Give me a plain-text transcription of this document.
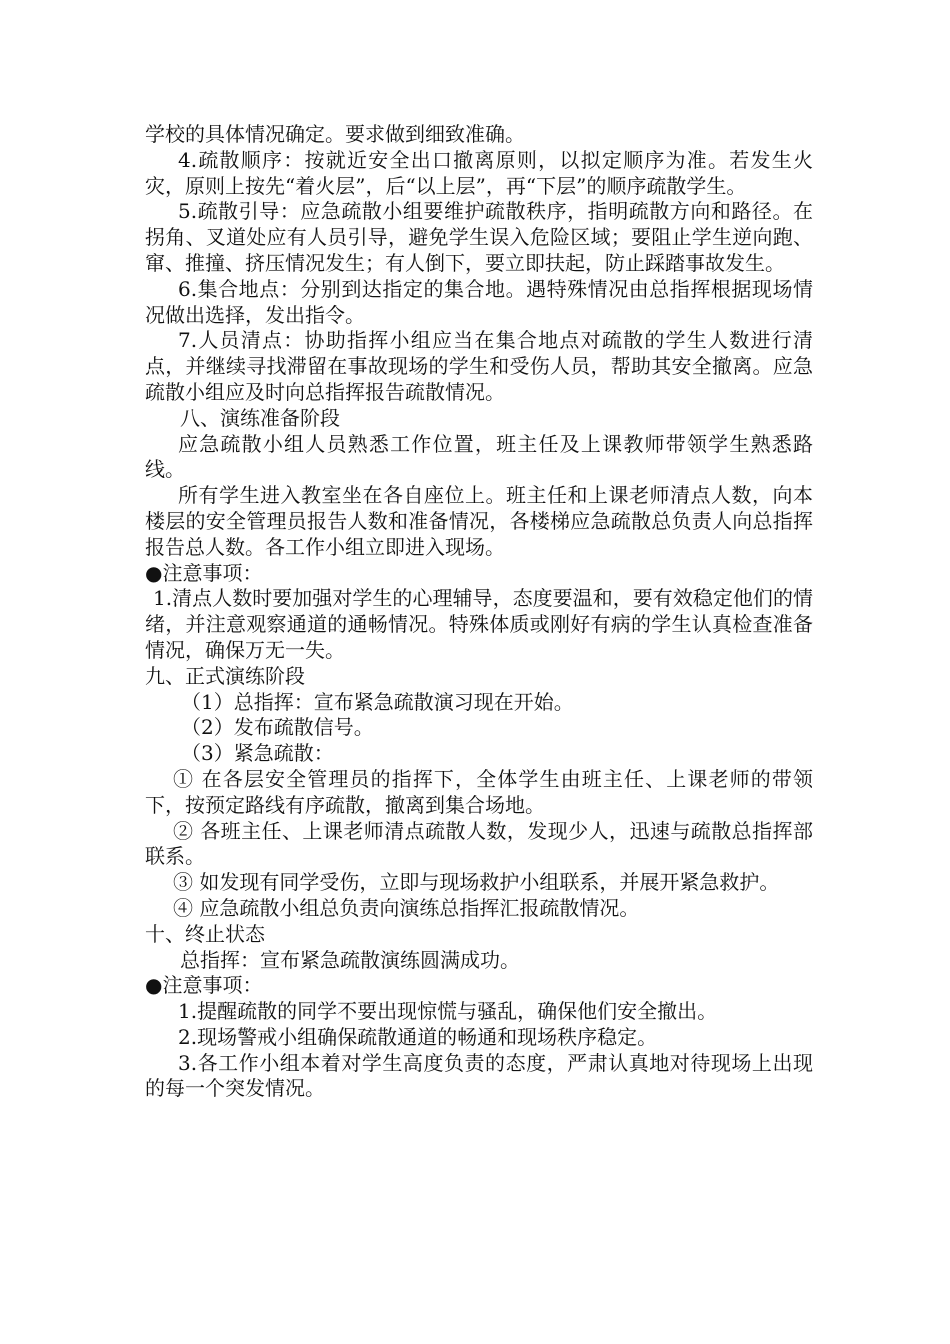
学校的具体情况确定。要求做到细致准确。

4.疏散顺序：按就近安全出口撤离原则，以拟定顺序为准。若发生火灾，原则上按先“着火层”，后“以上层”，再“下层”的顺序疏散学生。

5.疏散引导：应急疏散小组要维护疏散秩序，指明疏散方向和路径。在拐角、叉道处应有人员引导，避免学生误入危险区域；要阻止学生逆向跑、窜、推撞、挤压情况发生；有人倒下，要立即扶起，防止踩踏事故发生。

6.集合地点：分别到达指定的集合地。遇特殊情况由总指挥根据现场情况做出选择，发出指令。

7.人员清点：协助指挥小组应当在集合地点对疏散的学生人数进行清点，并继续寻找滞留在事故现场的学生和受伤人员，帮助其安全撤离。应急疏散小组应及时向总指挥报告疏散情况。

八、演练准备阶段

应急疏散小组人员熟悉工作位置，班主任及上课教师带领学生熟悉路线。

所有学生进入教室坐在各自座位上。班主任和上课老师清点人数，向本楼层的安全管理员报告人数和准备情况，各楼梯应急疏散总负责人向总指挥报告总人数。各工作小组立即进入现场。

●注意事项：

1.清点人数时要加强对学生的心理辅导，态度要温和，要有效稳定他们的情绪，并注意观察通道的通畅情况。特殊体质或刚好有病的学生认真检查准备情况，确保万无一失。

九、正式演练阶段

（1）总指挥：宣布紧急疏散演习现在开始。

（2）发布疏散信号。

（3）紧急疏散：

① 在各层安全管理员的指挥下，全体学生由班主任、上课老师的带领下，按预定路线有序疏散，撤离到集合场地。

② 各班主任、上课老师清点疏散人数，发现少人，迅速与疏散总指挥部联系。

③ 如发现有同学受伤，立即与现场救护小组联系，并展开紧急救护。

④ 应急疏散小组总负责向演练总指挥汇报疏散情况。

十、终止状态

总指挥：宣布紧急疏散演练圆满成功。

●注意事项：

1.提醒疏散的同学不要出现惊慌与骚乱，确保他们安全撤出。

2.现场警戒小组确保疏散通道的畅通和现场秩序稳定。

3.各工作小组本着对学生高度负责的态度，严肃认真地对待现场上出现的每一个突发情况。
